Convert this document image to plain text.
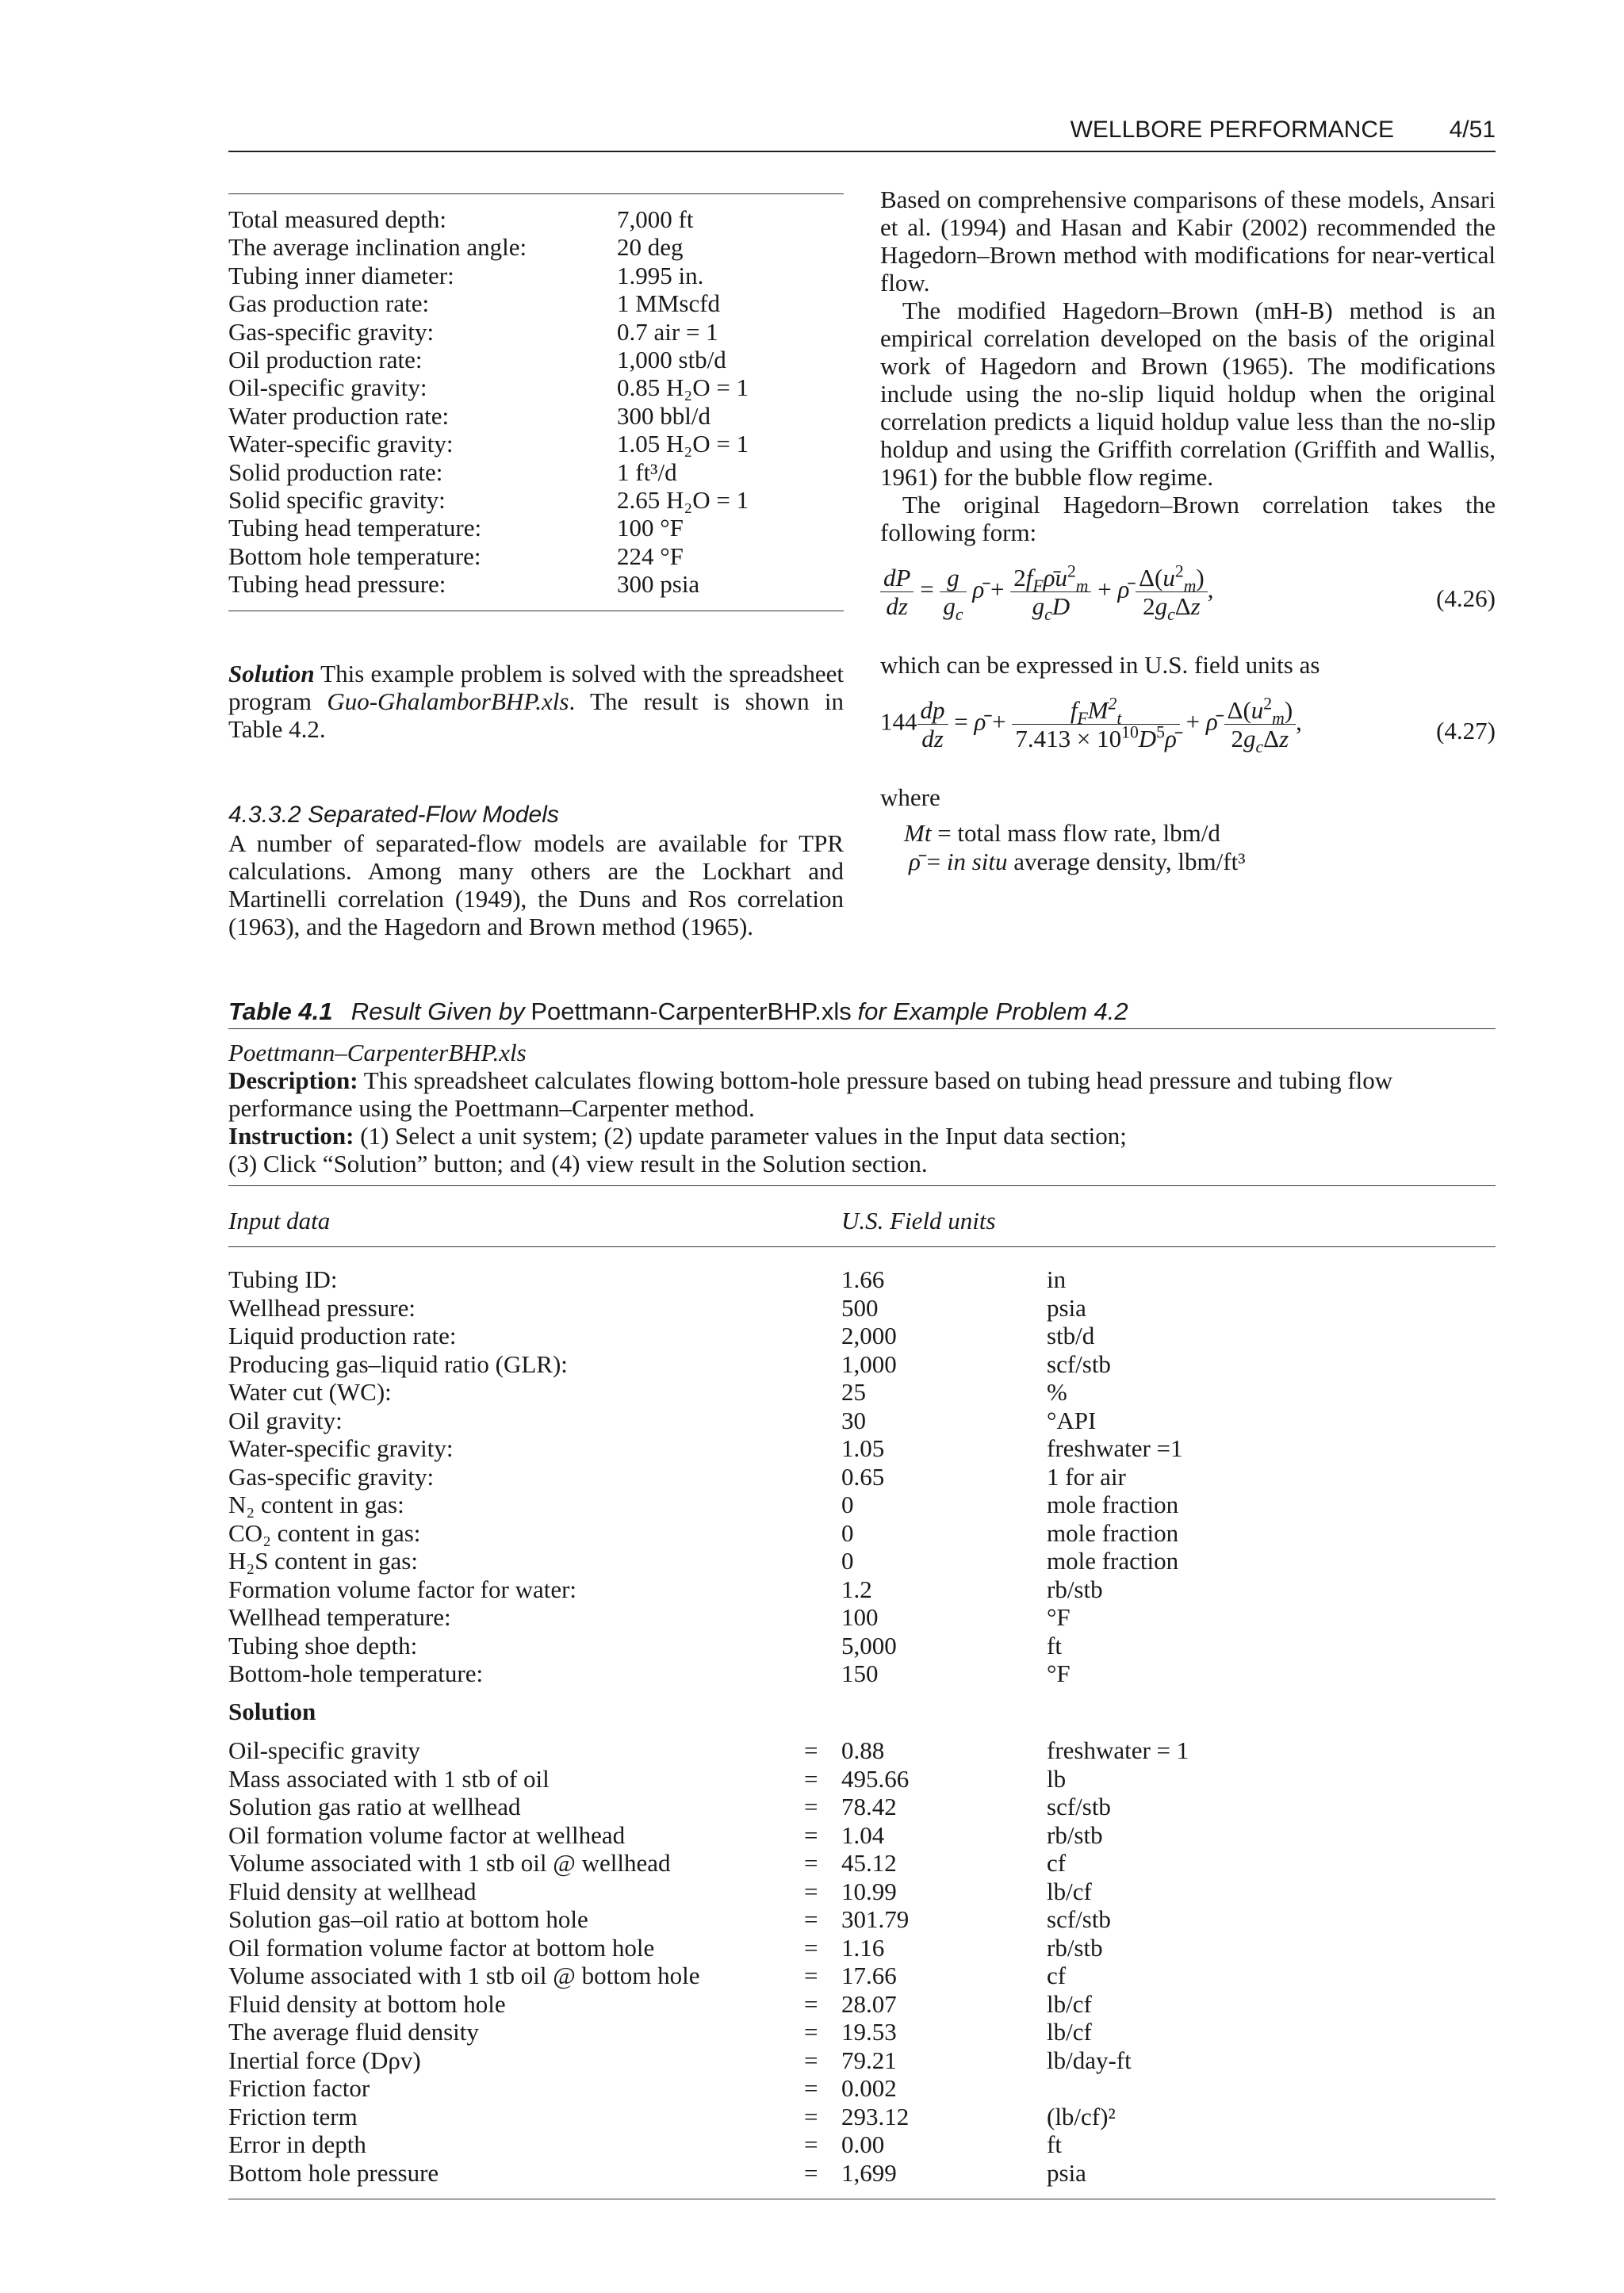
WELLBORE PERFORMANCE 4/51
Total measured depth:	7,000 ft
The average inclination angle:	20 deg
Tubing inner diameter:	1.995 in.
Gas production rate:	1 MMscfd
Gas-specific gravity:	0.7 air = 1
Oil production rate:	1,000 stb/d
Oil-specific gravity:	0.85 H₂O = 1
Water production rate:	300 bbl/d
Water-specific gravity:	1.05 H₂O = 1
Solid production rate:	1 ft³/d
Solid specific gravity:	2.65 H₂O = 1
Tubing head temperature:	100 °F
Bottom hole temperature:	224 °F
Tubing head pressure:	300 psia
Solution This example problem is solved with the spreadsheet program Guo-GhalamborBHP.xls. The result is shown in Table 4.2.
4.3.3.2 Separated-Flow Models
A number of separated-flow models are available for TPR calculations. Among many others are the Lockhart and Martinelli correlation (1949), the Duns and Ros correlation (1963), and the Hagedorn and Brown method (1965).

Based on comprehensive comparisons of these models, Ansari et al. (1994) and Hasan and Kabir (2002) recommended the Hagedorn–Brown method with modifications for near-vertical flow.

The modified Hagedorn–Brown (mH-B) method is an empirical correlation developed on the basis of the original work of Hagedorn and Brown (1965). The modifications include using the no-slip liquid holdup when the original correlation predicts a liquid holdup value less than the no-slip holdup and using the Griffith correlation (Griffith and Wallis, 1961) for the bubble flow regime.

The original Hagedorn–Brown correlation takes the following form:

$\frac{dP}{dz} = \frac{g}{g_c}$ ρ̄ + $\frac{2f_F\rhōu^2_m}{g_cD}$ + ρ̄ $\frac{\Delta(u^2_m)}{2g_c\Delta z}$ ,	(4.26)

which can be expressed in U.S. field units as

$144 \frac{dp}{dz}$ = ρ̄ + $\frac{f_FM^2_t}{7.413 \times 10^{10}D^5\rhō}$ + ρ̄ $\frac{\Delta(u^2_m)}{2g_c\Delta z}$ ,	(4.27)

where

Mt = total mass flow rate, lbm/d
ρ̄ = in situ average density, lbm/ft³
Table 4.1 Result Given by Poettmann-CarpenterBHP.xls for Example Problem 4.2
Poettmann–CarpenterBHP.xls
Description: This spreadsheet calculates flowing bottom-hole pressure based on tubing head pressure and tubing flow performance using the Poettmann–Carpenter method.
Instruction: (1) Select a unit system; (2) update parameter values in the Input data section;
(3) Click “Solution” button; and (4) view result in the Solution section.
Input data	U.S. Field units
Tubing ID:	1.66	in
Wellhead pressure:	500	psia
Liquid production rate:	2,000	stb/d
Producing gas–liquid ratio (GLR):	1,000	scf/stb
Water cut (WC):	25	%
Oil gravity:	30	°API
Water-specific gravity:	1.05	freshwater =1
Gas-specific gravity:	0.65	1 for air
N₂ content in gas:	0	mole fraction
CO₂ content in gas:	0	mole fraction
H₂S content in gas:	0	mole fraction
Formation volume factor for water:	1.2	rb/stb
Wellhead temperature:	100	°F
Tubing shoe depth:	5,000	ft
Bottom-hole temperature:	150	°F
Solution
Oil-specific gravity	= 0.88	freshwater = 1
Mass associated with 1 stb of oil	= 495.66	lb
Solution gas ratio at wellhead	= 78.42	scf/stb
Oil formation volume factor at wellhead	= 1.04	rb/stb
Volume associated with 1 stb oil @ wellhead	= 45.12	cf
Fluid density at wellhead	= 10.99	lb/cf
Solution gas–oil ratio at bottom hole	= 301.79	scf/stb
Oil formation volume factor at bottom hole	= 1.16	rb/stb
Volume associated with 1 stb oil @ bottom hole	= 17.66	cf
Fluid density at bottom hole	= 28.07	lb/cf
The average fluid density	= 19.53	lb/cf
Inertial force (Dρv)	= 79.21	lb/day-ft
Friction factor	= 0.002
Friction term	= 293.12	(lb/cf)²
Error in depth	= 0.00	ft
Bottom hole pressure	= 1,699	psia
